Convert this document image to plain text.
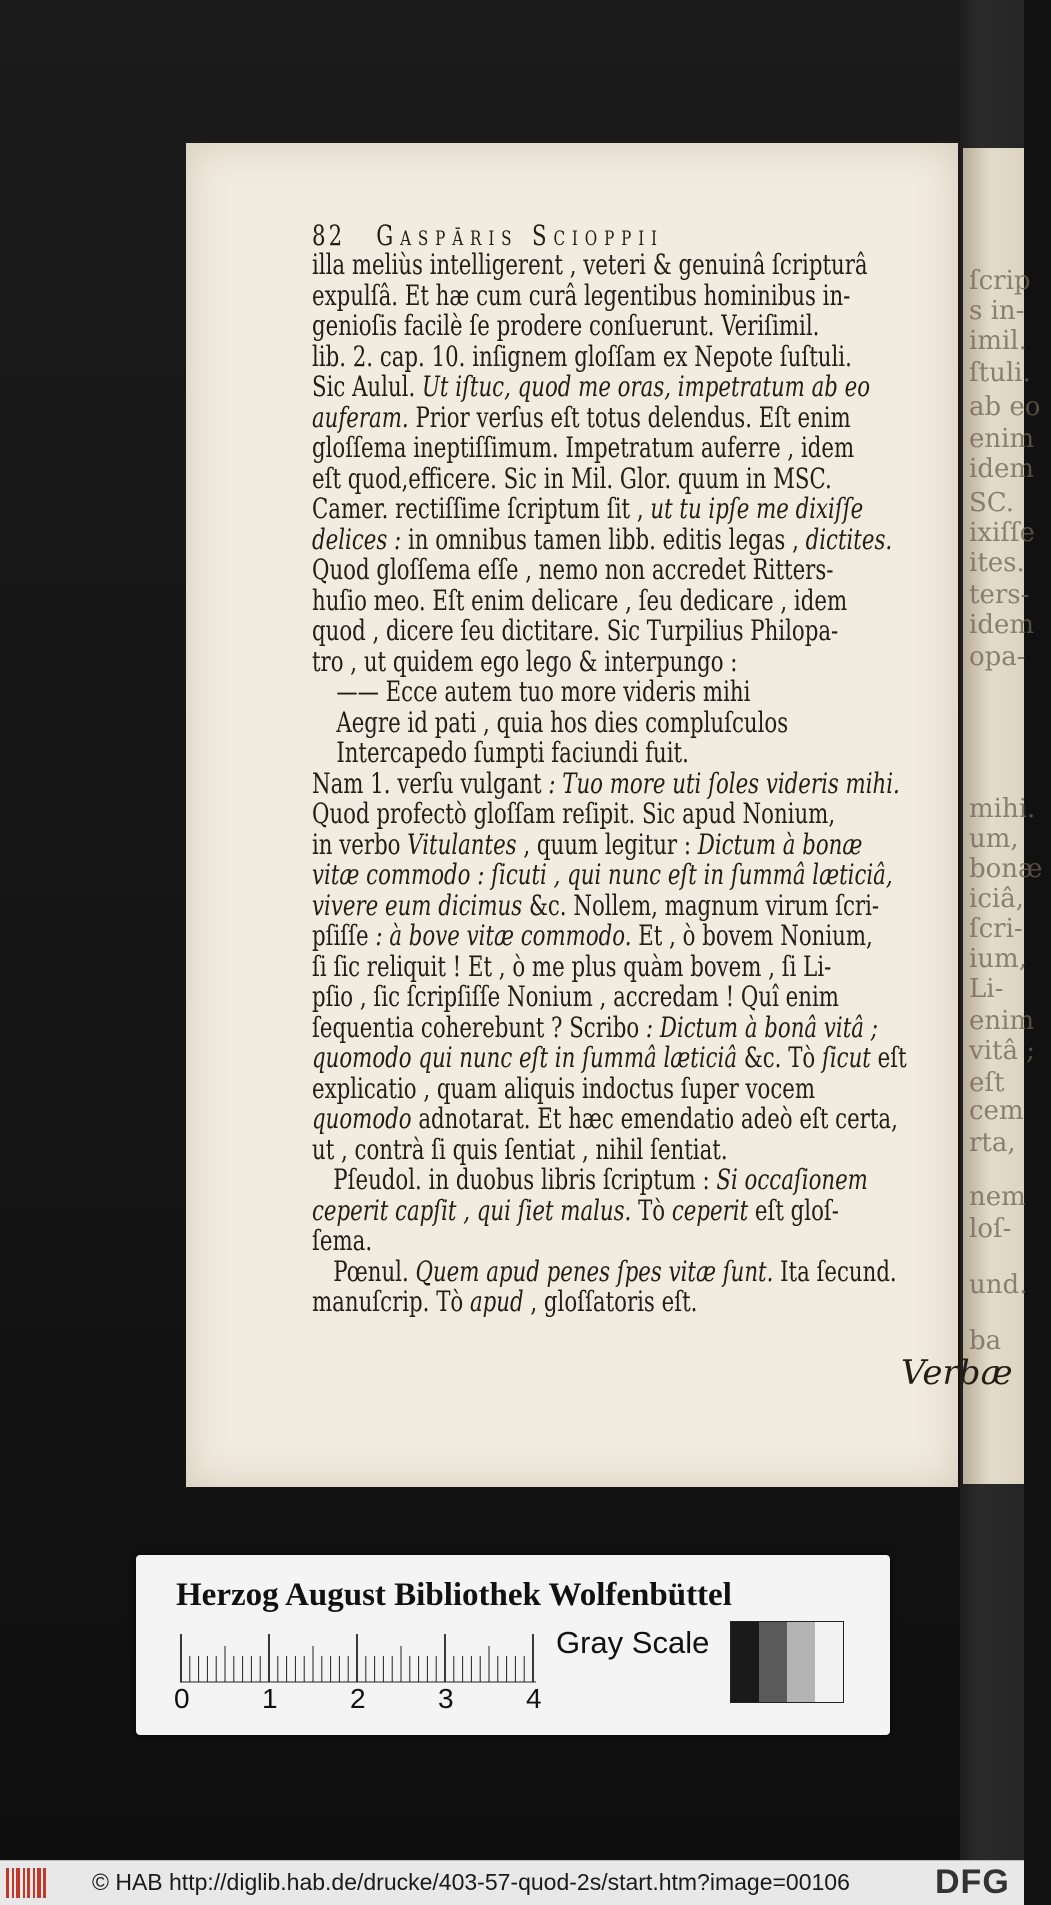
ſcrip
s in-
imil.
ſtuli.
ab eo
enim
idem
SC.
ixiſſe
ites.
ters-
idem
opa-
mihi.
um,
bonæ
iciâ,
ſcri-
ium,
Li-
enim
vitâ ;
eſt
cem
rta,
nem
loſ-
und.
ba
82 Gaspāris Scioppii
illa meliùs intelligerent , veteri & genuinâ ſcripturâ
expulſâ. Et hæ cum curâ legentibus hominibus in-
genioſis facilè ſe prodere conſuerunt. Veriſimil.
lib. 2. cap. 10. inſignem gloſſam ex Nepote ſuſtuli.
Sic Aulul. Ut iſtuc, quod me oras, impetratum ab eo
auferam. Prior verſus eſt totus delendus. Eſt enim
gloſſema ineptiſſimum. Impetratum auferre , idem
eſt quod,efficere. Sic in Mil. Glor. quum in MSC.
Camer. rectiſſime ſcriptum ſit , ut tu ipſe me dixiſſe
delices : in omnibus tamen libb. editis legas , dictites.
Quod gloſſema eſſe , nemo non accredet Ritters-
huſio meo. Eſt enim delicare , ſeu dedicare , idem
quod , dicere ſeu dictitare. Sic Turpilius Philopa-
tro , ut quidem ego lego & interpungo :
—— Ecce autem tuo more videris mihi
Aegre id pati , quia hos dies compluſculos
Intercapedo ſumpti faciundi fuit.
Nam 1. verſu vulgant : Tuo more uti ſoles videris mihi.
Quod profectò gloſſam reſipit. Sic apud Nonium,
in verbo Vitulantes , quum legitur : Dictum à bonæ
vitæ commodo : ſicuti , qui nunc eſt in ſummâ læticiâ,
vivere eum dicimus &c. Nollem, magnum virum ſcri-
pſiſſe : à bove vitæ commodo. Et , ò bovem Nonium,
ſi ſic reliquit ! Et , ò me plus quàm bovem , ſi Li-
pſio , ſic ſcripſiſſe Nonium , accredam ! Quî enim
ſequentia coherebunt ? Scribo : Dictum à bonâ vitâ ;
quomodo qui nunc eſt in ſummâ læticiâ &c. Τὸ ſicut eſt
explicatio , quam aliquis indoctus ſuper vocem
quomodo adnotarat. Et hæc emendatio adeò eſt certa,
ut , contrà ſi quis ſentiat , nihil ſentiat.
Pſeudol. in duobus libris ſcriptum : Si occaſionem
ceperit capſit , qui ſiet malus. Τὸ ceperit eſt gloſ-
ſema.
Pœnul. Quem apud penes ſpes vitæ ſunt. Ita ſecund.
manuſcrip. Τὸ apud , gloſſatoris eſt.
Verbæ
Herzog August Bibliothek Wolfenbüttel
0	1	2	3	4
Gray Scale
© HAB http://diglib.hab.de/drucke/403-57-quod-2s/start.htm?image=00106	DFG
